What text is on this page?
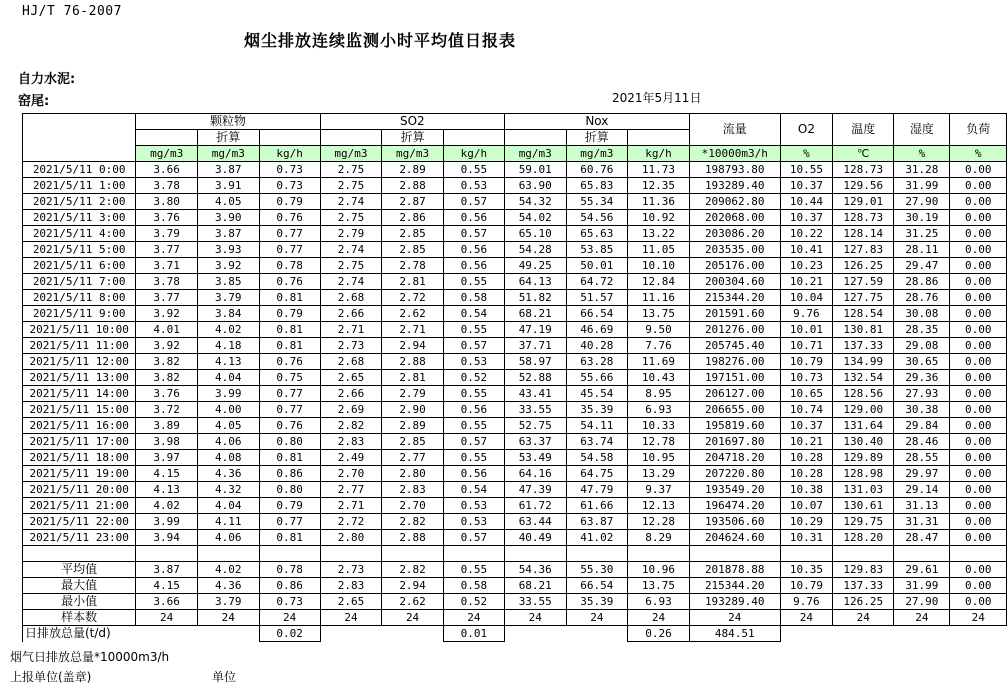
HJ/T 76-2007
烟尘排放连续监测小时平均值日报表
自力水泥:
窑尾:	2021年5月11日
	颗粒物			SO2			Nox			流量	O2	温度	湿度	负荷
		折算			折算			折算						
	mg/m3	mg/m3	kg/h	mg/m3	mg/m3	kg/h	mg/m3	mg/m3	kg/h	*10000m3/h	%	℃	%	%
2021/5/11 0:00	3.66	3.87	0.73	2.75	2.89	0.55	59.01	60.76	11.73	198793.80	10.55	128.73	31.28	0.00
2021/5/11 1:00	3.78	3.91	0.73	2.75	2.88	0.53	63.90	65.83	12.35	193289.40	10.37	129.56	31.99	0.00
2021/5/11 2:00	3.80	4.05	0.79	2.74	2.87	0.57	54.32	55.34	11.36	209062.80	10.44	129.01	27.90	0.00
2021/5/11 3:00	3.76	3.90	0.76	2.75	2.86	0.56	54.02	54.56	10.92	202068.00	10.37	128.73	30.19	0.00
2021/5/11 4:00	3.79	3.87	0.77	2.79	2.85	0.57	65.10	65.63	13.22	203086.20	10.22	128.14	31.25	0.00
2021/5/11 5:00	3.77	3.93	0.77	2.74	2.85	0.56	54.28	53.85	11.05	203535.00	10.41	127.83	28.11	0.00
2021/5/11 6:00	3.71	3.92	0.78	2.75	2.78	0.56	49.25	50.01	10.10	205176.00	10.23	126.25	29.47	0.00
2021/5/11 7:00	3.78	3.85	0.76	2.74	2.81	0.55	64.13	64.72	12.84	200304.60	10.21	127.59	28.86	0.00
2021/5/11 8:00	3.77	3.79	0.81	2.68	2.72	0.58	51.82	51.57	11.16	215344.20	10.04	127.75	28.76	0.00
2021/5/11 9:00	3.92	3.84	0.79	2.66	2.62	0.54	68.21	66.54	13.75	201591.60	9.76	128.54	30.08	0.00
2021/5/11 10:00	4.01	4.02	0.81	2.71	2.71	0.55	47.19	46.69	9.50	201276.00	10.01	130.81	28.35	0.00
2021/5/11 11:00	3.92	4.18	0.81	2.73	2.94	0.57	37.71	40.28	7.76	205745.40	10.71	137.33	29.08	0.00
2021/5/11 12:00	3.82	4.13	0.76	2.68	2.88	0.53	58.97	63.28	11.69	198276.00	10.79	134.99	30.65	0.00
2021/5/11 13:00	3.82	4.04	0.75	2.65	2.81	0.52	52.88	55.66	10.43	197151.00	10.73	132.54	29.36	0.00
2021/5/11 14:00	3.76	3.99	0.77	2.66	2.79	0.55	43.41	45.54	8.95	206127.00	10.65	128.56	27.93	0.00
2021/5/11 15:00	3.72	4.00	0.77	2.69	2.90	0.56	33.55	35.39	6.93	206655.00	10.74	129.00	30.38	0.00
2021/5/11 16:00	3.89	4.05	0.76	2.82	2.89	0.55	52.75	54.11	10.33	195819.60	10.37	131.64	29.84	0.00
2021/5/11 17:00	3.98	4.06	0.80	2.83	2.85	0.57	63.37	63.74	12.78	201697.80	10.21	130.40	28.46	0.00
2021/5/11 18:00	3.97	4.08	0.81	2.49	2.77	0.55	53.49	54.58	10.95	204718.20	10.28	129.89	28.55	0.00
2021/5/11 19:00	4.15	4.36	0.86	2.70	2.80	0.56	64.16	64.75	13.29	207220.80	10.28	128.98	29.97	0.00
2021/5/11 20:00	4.13	4.32	0.80	2.77	2.83	0.54	47.39	47.79	9.37	193549.20	10.38	131.03	29.14	0.00
2021/5/11 21:00	4.02	4.04	0.79	2.71	2.70	0.53	61.72	61.66	12.13	196474.20	10.07	130.61	31.13	0.00
2021/5/11 22:00	3.99	4.11	0.77	2.72	2.82	0.53	63.44	63.87	12.28	193506.60	10.29	129.75	31.31	0.00
2021/5/11 23:00	3.94	4.06	0.81	2.80	2.88	0.57	40.49	41.02	8.29	204624.60	10.31	128.20	28.47	0.00

平均值	3.87	4.02	0.78	2.73	2.82	0.55	54.36	55.30	10.96	201878.88	10.35	129.83	29.61	0.00
最大值	4.15	4.36	0.86	2.83	2.94	0.58	68.21	66.54	13.75	215344.20	10.79	137.33	31.99	0.00
最小值	3.66	3.79	0.73	2.65	2.62	0.52	33.55	35.39	6.93	193289.40	9.76	126.25	27.90	0.00
样本数	24	24	24	24	24	24	24	24	24	24	24	24	24	24
日排放总量(t/d)			0.02			0.01			0.26	484.51				
烟气日排放总量*10000m3/h
上报单位(盖章)	单位
